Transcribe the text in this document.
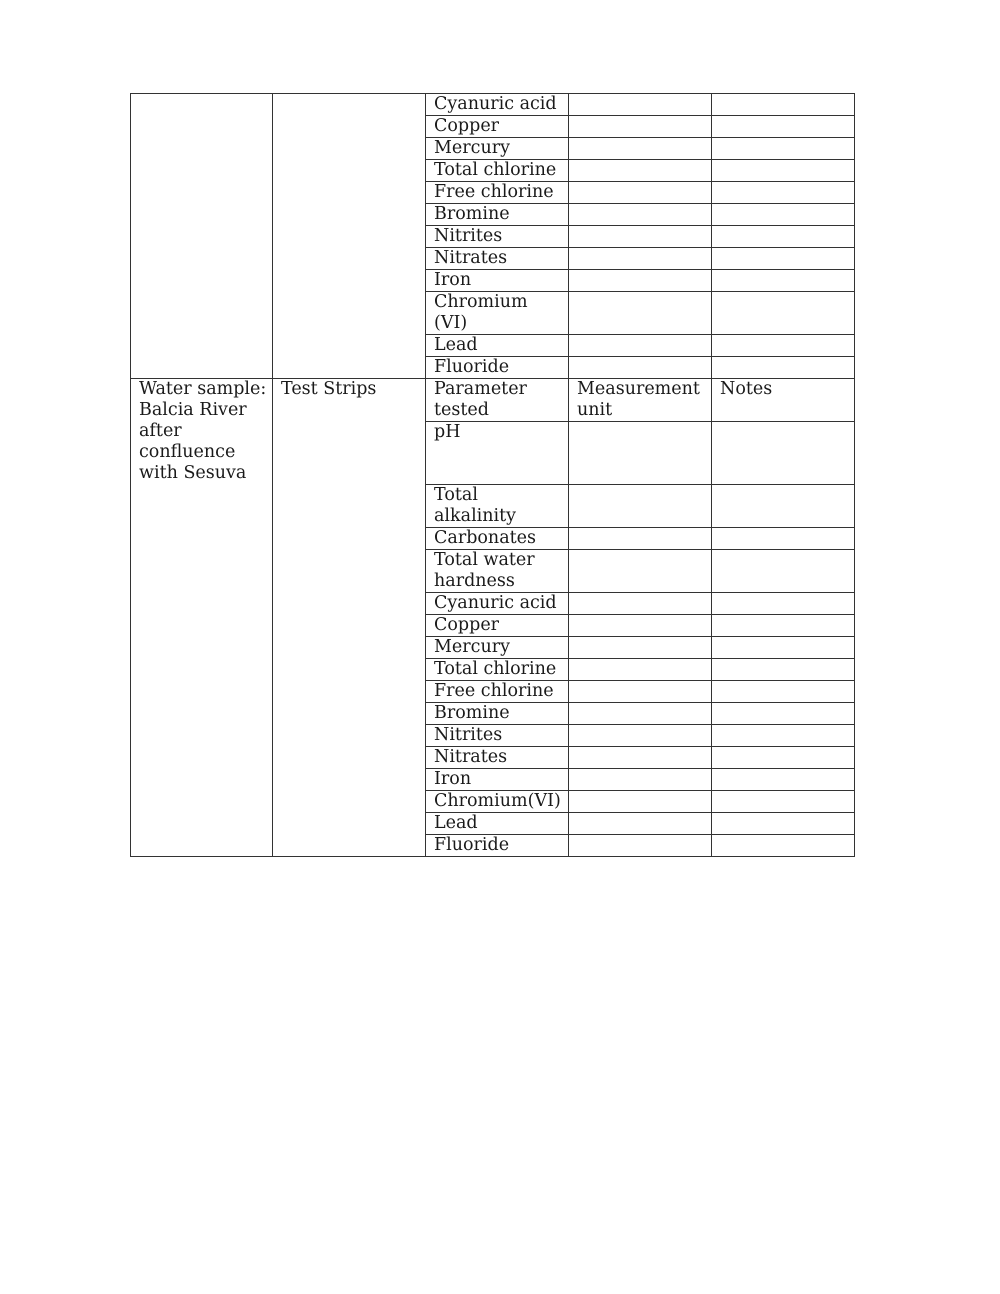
		Cyanuric acid		
		Copper		
		Mercury		
		Total chlorine		
		Free chlorine		
		Bromine		
		Nitrites		
		Nitrates		
		Iron		
		Chromium (VI)		
		Lead		
		Fluoride		
Water sample: Balcia River after confluence with Sesuva	Test Strips	Parameter tested	Measurement unit	Notes
		pH		
		Total alkalinity		
		Carbonates		
		Total water hardness		
		Cyanuric acid		
		Copper		
		Mercury		
		Total chlorine		
		Free chlorine		
		Bromine		
		Nitrites		
		Nitrates		
		Iron		
		Chromium(VI)		
		Lead		
		Fluoride		
